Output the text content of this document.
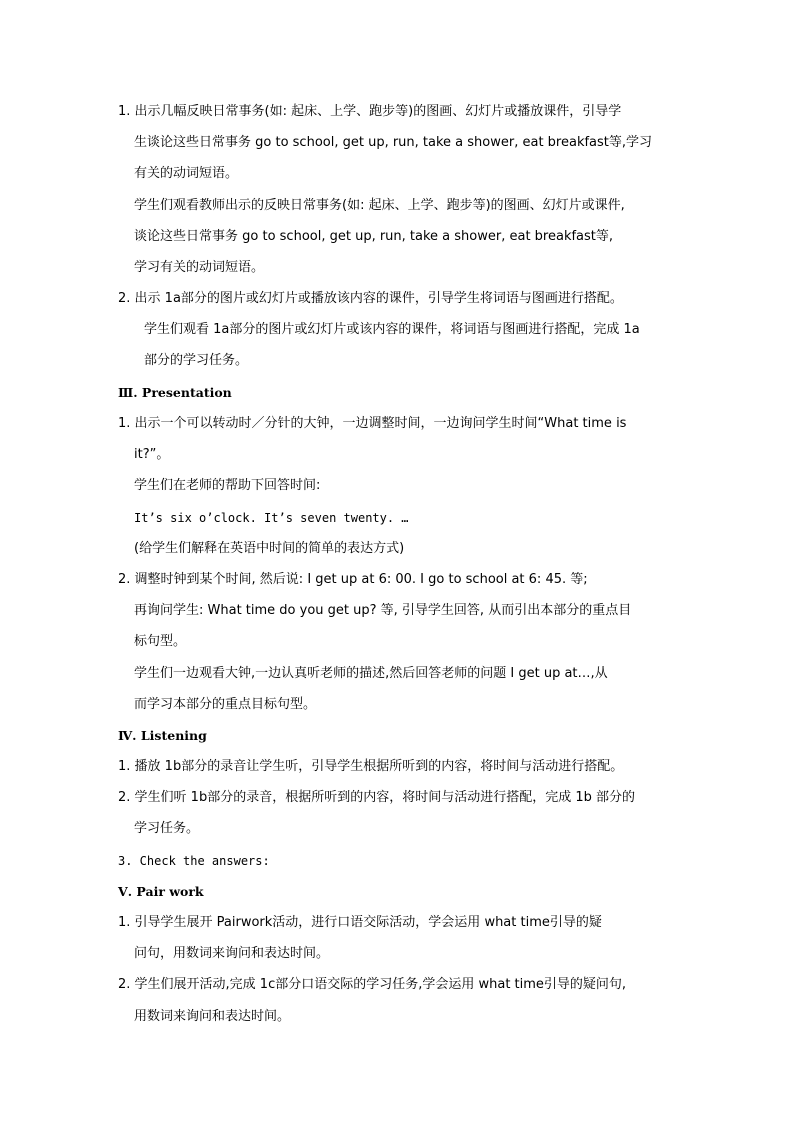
1. 出示几幅反映日常事务(如: 起床、上学、跑步等)的图画、幻灯片或播放课件，引导学
生谈论这些日常事务 go to school, get up, run, take a shower, eat breakfast等,学习
有关的动词短语。
学生们观看教师出示的反映日常事务(如: 起床、上学、跑步等)的图画、幻灯片或课件,
谈论这些日常事务 go to school, get up, run, take a shower, eat breakfast等,
学习有关的动词短语。
2. 出示 1a部分的图片或幻灯片或播放该内容的课件，引导学生将词语与图画进行搭配。
学生们观看 1a部分的图片或幻灯片或该内容的课件，将词语与图画进行搭配，完成 1a
部分的学习任务。
Ⅲ. Presentation
1. 出示一个可以转动时／分针的大钟，一边调整时间，一边询问学生时间“What time is
it?”。
学生们在老师的帮助下回答时间:
It’s six o’clock. It’s seven twenty. …
(给学生们解释在英语中时间的简单的表达方式)
2. 调整时钟到某个时间, 然后说: I get up at 6: 00. I go to school at 6: 45. 等;
再询问学生: What time do you get up? 等, 引导学生回答, 从而引出本部分的重点目
标句型。
学生们一边观看大钟,一边认真听老师的描述,然后回答老师的问题 I get up at…,从
而学习本部分的重点目标句型。
Ⅳ. Listening
1. 播放 1b部分的录音让学生听，引导学生根据所听到的内容，将时间与活动进行搭配。
2. 学生们听 1b部分的录音，根据所听到的内容，将时间与活动进行搭配，完成 1b 部分的
学习任务。
3. Check the answers:
Ⅴ. Pair work
1. 引导学生展开 Pairwork活动，进行口语交际活动，学会运用 what time引导的疑
问句，用数词来询问和表达时间。
2. 学生们展开活动,完成 1c部分口语交际的学习任务,学会运用 what time引导的疑问句,
用数词来询问和表达时间。
